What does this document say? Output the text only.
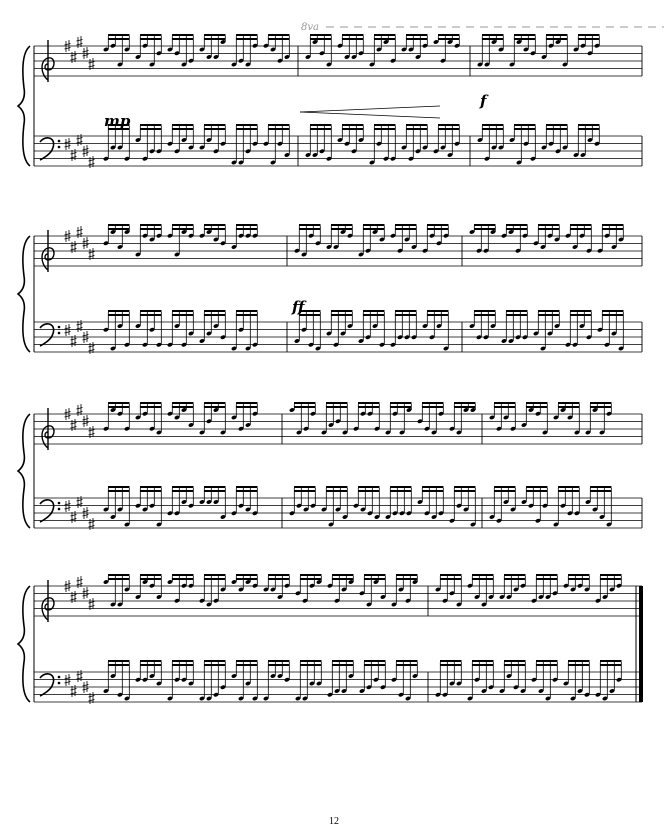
8va
mp
f
ff
12
